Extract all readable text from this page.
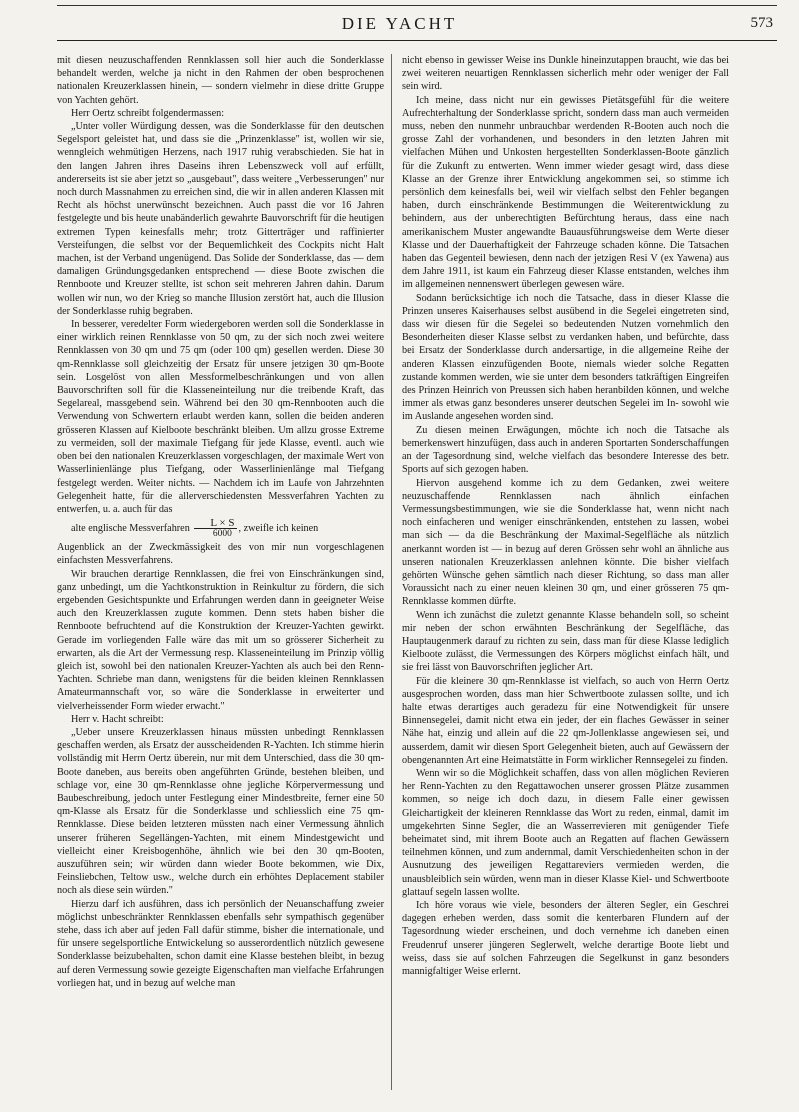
DIE YACHT	573

mit diesen neuzuschaffenden Rennklassen soll hier auch die Sonderklasse behandelt werden, welche ja nicht in den Rahmen der oben besprochenen nationalen Kreuzerklassen hinein, — sondern vielmehr in diese dritte Gruppe von Yachten gehört.

Herr Oertz schreibt folgendermassen:

„Unter voller Würdigung dessen, was die Sonderklasse für den deutschen Segelsport geleistet hat, und dass sie die „Prinzenklasse" ist, wollen wir sie, wenngleich wehmütigen Herzens, nach 1917 ruhig verabschieden. Sie hat in den langen Jahren ihres Daseins ihren Lebenszweck voll auf erfüllt, andererseits ist sie aber jetzt so „ausgebaut", dass weitere „Verbesserungen" nur noch durch Massnahmen zu erreichen sind, die wir in allen anderen Klassen mit Recht als höchst unerwünscht bezeichnen. Auch passt die vor 16 Jahren festgelegte und bis heute unabänderlich gewahrte Bauvorschrift für die heutigen extremen Typen keinesfalls mehr; trotz Gitterträger und raffinierter Versteifungen, die selbst vor der Bequemlichkeit des Cockpits nicht Halt machen, ist der Verband ungenügend. Das Solide der Sonderklasse, das — dem damaligen Gründungsgedanken entsprechend — diese Boote zwischen die Rennboote und Kreuzer stellte, ist schon seit mehreren Jahren dahin. Darum wollen wir nun, wo der Krieg so manche Illusion zerstört hat, auch die Illusion der Sonderklasse ruhig begraben.

In besserer, veredelter Form wiedergeboren werden soll die Sonderklasse in einer wirklich reinen Rennklasse von 50 qm, zu der sich noch zwei weitere Rennklassen von 30 qm und 75 qm (oder 100 qm) gesellen werden. Diese 30 qm-Rennklasse soll gleichzeitig der Ersatz für unsere jetzigen 30 qm-Boote sein. Losgelöst von allen Messformelbeschränkungen und von allen Bauvorschriften soll für die Klasseneinteilung nur die treibende Kraft, das Segelareal, massgebend sein. Während bei den 30 qm-Rennbooten auch die Verwendung von Schwertern erlaubt werden kann, sollen die beiden anderen grösseren Klassen auf Kielboote beschränkt bleiben. Um allzu grosse Extreme zu vermeiden, soll der maximale Tiefgang für jede Klasse, eventl. auch wie oben bei den nationalen Kreuzerklassen vorgeschlagen, der maximale Wert von Wasserlinienlänge plus Tiefgang, oder Wasserlinienlänge mal Tiefgang festgelegt werden. Weiter nichts. — Nachdem ich im Laufe von Jahrzehnten Gelegenheit hatte, für die allerverschiedensten Messverfahren Yachten zu entwerfen, u. a. auch für das

alte englische Messverfahren $\frac{L \times S}{6000}$ , zweifle ich keinen

Augenblick an der Zweckmässigkeit des von mir nun vorgeschlagenen einfachsten Messverfahrens.

Wir brauchen derartige Rennklassen, die frei von Einschränkungen sind, ganz unbedingt, um die Yachtkonstruktion in Reinkultur zu fördern, die sich ergebenden Gesichtspunkte und Erfahrungen werden dann in geeigneter Weise auch den Kreuzerklassen zugute kommen. Denn stets haben bisher die Rennboote befruchtend auf die Konstruktion der Kreuzer-Yachten gewirkt. Gerade im vorliegenden Falle wäre das mit um so grösserer Sicherheit zu erwarten, als die Art der Vermessung resp. Klasseneinteilung im Prinzip völlig gleich ist, sowohl bei den nationalen Kreuzer-Yachten als auch bei den Renn-Yachten. Schriebe man dann, wenigstens für die beiden kleinen Rennklassen Amateurmannschaft vor, so wäre die Sonderklasse in erweiterter und vielverheissender Form wieder erwacht."

Herr v. Hacht schreibt:

„Ueber unsere Kreuzerklassen hinaus müssten unbedingt Rennklassen geschaffen werden, als Ersatz der ausscheidenden R-Yachten. Ich stimme hierin vollständig mit Herrn Oertz überein, nur mit dem Unterschied, dass die 30 qm-Boote daneben, aus bereits oben angeführten Gründe, bestehen bleiben, und schlage vor, eine 30 qm-Rennklasse ohne jegliche Körpervermessung und Baubeschreibung, jedoch unter Festlegung einer Mindestbreite, ferner eine 50 qm-Klasse als Ersatz für die Sonderklasse und schliesslich eine 75 qm-Rennklasse. Diese beiden letzteren müssten nach einer Vermessung ähnlich unserer früheren Segellängen-Yachten, mit einem Mindestgewicht und vielleicht einer Kreisbogenhöhe, ähnlich wie bei den 30 qm-Booten, auszuführen sein; wir würden dann wieder Boote bekommen, wie Dix, Feinsliebchen, Teltow usw., welche durch ein erhöhtes Deplacement stabiler noch als diese sein würden."

Hierzu darf ich ausführen, dass ich persönlich der Neuanschaffung zweier möglichst unbeschränkter Rennklassen ebenfalls sehr sympathisch gegenüber stehe, dass ich aber auf jeden Fall dafür stimme, bisher die internationale, und für unsere segelsportliche Entwickelung so ausserordentlich nützlich gewesene Sonderklasse beizubehalten, schon damit eine Klasse bestehen bleibt, in bezug auf deren Vermessung sowie gezeigte Eigenschaften man vielfache Erfahrungen vorliegen hat, und in bezug auf welche man

nicht ebenso in gewisser Weise ins Dunkle hineinzutappen braucht, wie das bei zwei weiteren neuartigen Rennklassen sicherlich mehr oder weniger der Fall sein wird.

Ich meine, dass nicht nur ein gewisses Pietätsgefühl für die weitere Aufrechterhaltung der Sonderklasse spricht, sondern dass man auch vermeiden muss, neben den nunmehr unbrauchbar werdenden R-Booten auch noch die grosse Zahl der vorhandenen, und besonders in den letzten Jahren mit vielfachen Mühen und Unkosten hergestellten Sonderklassen-Boote gänzlich für die Zukunft zu entwerten. Wenn immer wieder gesagt wird, dass diese Klasse an der Grenze ihrer Entwicklung angekommen sei, so stimme ich persönlich dem keinesfalls bei, weil wir vielfach selbst den Fehler begangen haben, durch einschränkende Bestimmungen die Weiterentwicklung zu behindern, aus der unberechtigten Befürchtung heraus, dass eine nach amerikanischem Muster angewandte Bauausführungsweise dem Werte dieser Klasse und der Dauerhaftigkeit der Fahrzeuge schaden könne. Die Tatsachen haben das Gegenteil bewiesen, denn nach der jetzigen Resi V (ex Yawena) aus dem Jahre 1911, ist kaum ein Fahrzeug dieser Klasse entstanden, welches ihm im allgemeinen nennenswert überlegen gewesen wäre.

Sodann berücksichtige ich noch die Tatsache, dass in dieser Klasse die Prinzen unseres Kaiserhauses selbst ausübend in die Segelei eingetreten sind, dass wir diesen für die Segelei so bedeutenden Nutzen vornehmlich den Besonderheiten dieser Klasse selbst zu verdanken haben, und befürchte, dass bei Ersatz der Sonderklasse durch andersartige, in die allgemeine Reihe der anderen Klassen einzufügenden Boote, niemals wieder solche Regatten zustande kommen werden, wie sie unter dem besonders tatkräftigen Eingreifen des Prinzen Heinrich von Preussen sich haben heranbilden können, und welche immer als etwas ganz besonderes unserer deutschen Segelei im In- sowohl wie im Auslande angesehen worden sind.

Zu diesen meinen Erwägungen, möchte ich noch die Tatsache als bemerkenswert hinzufügen, dass auch in anderen Sportarten Sonderschaffungen an der Tagesordnung sind, welche vielfach das besondere Interesse des betr. Sports auf sich gezogen haben.

Hiervon ausgehend komme ich zu dem Gedanken, zwei weitere neuzuschaffende Rennklassen nach ähnlich einfachen Vermessungsbestimmungen, wie sie die Sonderklasse hat, wenn nicht nach noch einfacheren und weniger einschränkenden, entstehen zu lassen, wobei man sich — da die Beschränkung der Maximal-Segelfläche als nützlich anerkannt worden ist — in bezug auf deren Grössen sehr wohl an ähnliche aus unseren nationalen Kreuzerklassen anlehnen könnte. Die bisher vielfach gehörten Wünsche gehen sämtlich nach dieser Richtung, so dass man aller Voraussicht nach zu einer neuen kleinen 30 qm, und einer grösseren 75 qm-Rennklasse kommen dürfte.

Wenn ich zunächst die zuletzt genannte Klasse behandeln soll, so scheint mir neben der schon erwähnten Beschränkung der Segelfläche, das Hauptaugenmerk darauf zu richten zu sein, dass man für diese Klasse lediglich Kielboote zulässt, die Vermessungen des Körpers möglichst einfach hält, und sie frei lässt von Bauvorschriften jeglicher Art.

Für die kleinere 30 qm-Rennklasse ist vielfach, so auch von Herrn Oertz ausgesprochen worden, dass man hier Schwertboote zulassen sollte, und ich halte etwas derartiges auch geradezu für eine Notwendigkeit für unsere Binnensegelei, damit nicht etwa ein jeder, der ein flaches Gewässer in seiner Nähe hat, einzig und allein auf die 22 qm-Jollenklasse angewiesen sei, und ausserdem, damit wir diesen Sport Gelegenheit bieten, auch auf Gewässern der obengenannten Art eine Heimatstätte in Form wirklicher Rennsegelei zu finden.

Wenn wir so die Möglichkeit schaffen, dass von allen möglichen Revieren her Renn-Yachten zu den Regattawochen unserer grossen Plätze zusammen kommen, so neige ich doch dazu, in diesem Falle einer gewissen Gleichartigkeit der kleineren Rennklasse das Wort zu reden, einmal, damit im umgekehrten Sinne Segler, die an Wasserrevieren mit genügender Tiefe beheimatet sind, mit ihrem Boote auch an Regatten auf flachen Gewässern teilnehmen können, und zum andernmal, damit Verschiedenheiten schon in der Ausnutzung des jeweiligen Regattareviers vermieden werden, die unausbleiblich sein würden, wenn man in dieser Klasse Kiel- und Schwertboote glattauf segeln lassen wollte.

Ich höre voraus wie viele, besonders der älteren Segler, ein Geschrei dagegen erheben werden, dass somit die kenterbaren Flundern auf der Tagesordnung wieder erscheinen, und doch vernehme ich daneben einen Freudenruf unserer jüngeren Seglerwelt, welche derartige Boote liebt und weiss, dass sie auf solchen Fahrzeugen die Segelkunst in ganz besonders mannigfaltiger Weise erlernt.
